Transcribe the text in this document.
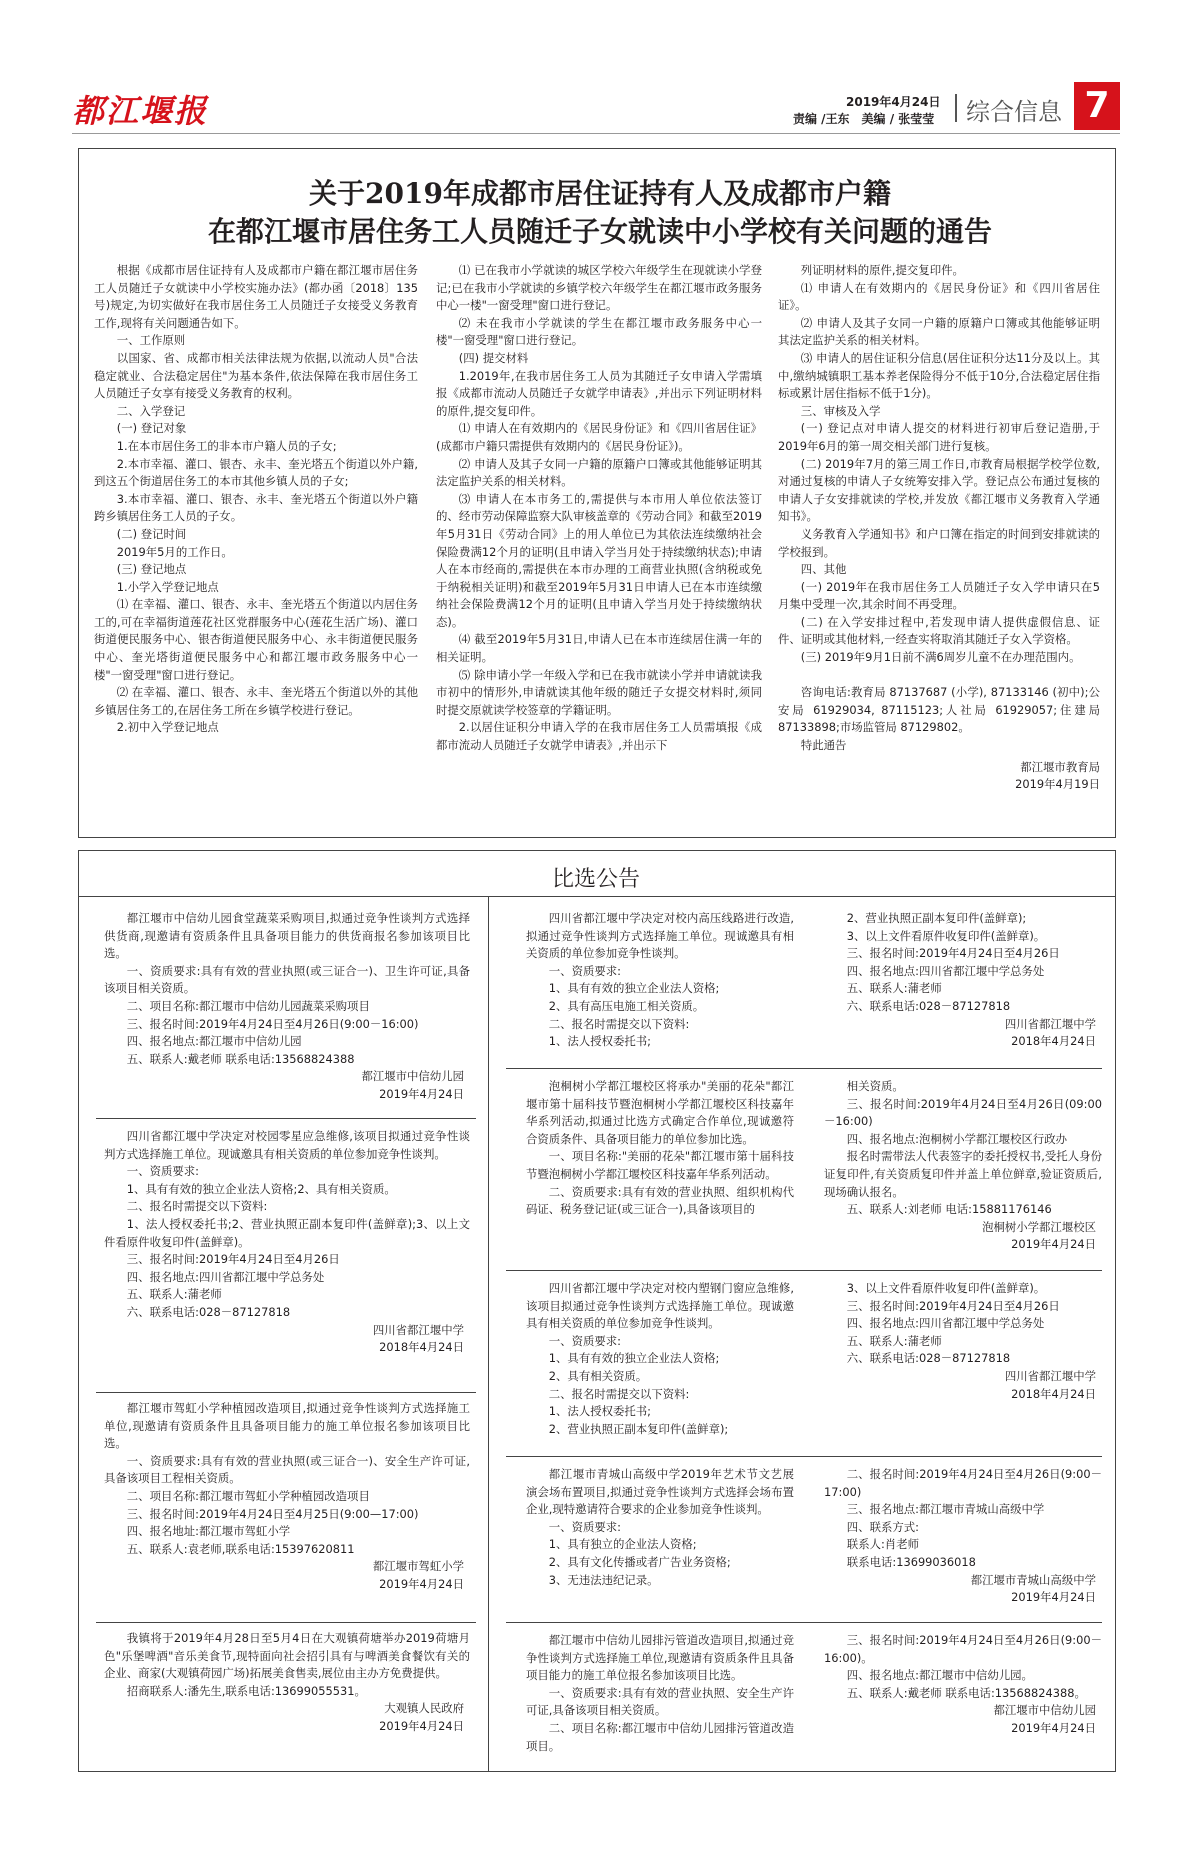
都江堰报	2019年4月24日
责编 /王东　美编 / 张莹莹 综合信息 7
关于2019年成都市居住证持有人及成都市户籍
在都江堰市居住务工人员随迁子女就读中小学校有关问题的通告

根据《成都市居住证持有人及成都市户籍在都江堰市居住务工人员随迁子女就读中小学校实施办法》(都办函〔2018〕135号)规定,为切实做好在我市居住务工人员随迁子女接受义务教育工作,现将有关问题通告如下。

一、工作原则

以国家、省、成都市相关法律法规为依据,以流动人员"合法稳定就业、合法稳定居住"为基本条件,依法保障在我市居住务工人员随迁子女享有接受义务教育的权利。

二、入学登记

(一) 登记对象

1.在本市居住务工的非本市户籍人员的子女;

2.本市幸福、灌口、银杏、永丰、奎光塔五个街道以外户籍,到这五个街道居住务工的本市其他乡镇人员的子女;

3.本市幸福、灌口、银杏、永丰、奎光塔五个街道以外户籍跨乡镇居住务工人员的子女。

(二) 登记时间

2019年5月的工作日。

(三) 登记地点

1.小学入学登记地点

⑴ 在幸福、灌口、银杏、永丰、奎光塔五个街道以内居住务工的,可在幸福街道莲花社区党群服务中心(莲花生活广场)、灌口街道便民服务中心、银杏街道便民服务中心、永丰街道便民服务中心、奎光塔街道便民服务中心和都江堰市政务服务中心一楼"一窗受理"窗口进行登记。

⑵ 在幸福、灌口、银杏、永丰、奎光塔五个街道以外的其他乡镇居住务工的,在居住务工所在乡镇学校进行登记。

2.初中入学登记地点

⑴ 已在我市小学就读的城区学校六年级学生在现就读小学登记;已在我市小学就读的乡镇学校六年级学生在都江堰市政务服务中心一楼"一窗受理"窗口进行登记。

⑵ 未在我市小学就读的学生在都江堰市政务服务中心一楼"一窗受理"窗口进行登记。

(四) 提交材料

1.2019年,在我市居住务工人员为其随迁子女申请入学需填报《成都市流动人员随迁子女就学申请表》,并出示下列证明材料的原件,提交复印件。

⑴ 申请人在有效期内的《居民身份证》和《四川省居住证》(成都市户籍只需提供有效期内的《居民身份证》)。

⑵ 申请人及其子女同一户籍的原籍户口簿或其他能够证明其法定监护关系的相关材料。

⑶ 申请人在本市务工的,需提供与本市用人单位依法签订的、经市劳动保障监察大队审核盖章的《劳动合同》和截至2019年5月31日《劳动合同》上的用人单位已为其依法连续缴纳社会保险费满12个月的证明(且申请入学当月处于持续缴纳状态);申请人在本市经商的,需提供在本市办理的工商营业执照(含纳税或免于纳税相关证明)和截至2019年5月31日申请人已在本市连续缴纳社会保险费满12个月的证明(且申请入学当月处于持续缴纳状态)。

⑷ 截至2019年5月31日,申请人已在本市连续居住满一年的相关证明。

⑸ 除申请小学一年级入学和已在我市就读小学并申请就读我市初中的情形外,申请就读其他年级的随迁子女提交材料时,须同时提交原就读学校签章的学籍证明。

2.以居住证积分申请入学的在我市居住务工人员需填报《成都市流动人员随迁子女就学申请表》,并出示下

列证明材料的原件,提交复印件。

⑴ 申请人在有效期内的《居民身份证》和《四川省居住证》。

⑵ 申请人及其子女同一户籍的原籍户口簿或其他能够证明其法定监护关系的相关材料。

⑶ 申请人的居住证积分信息(居住证积分达11分及以上。其中,缴纳城镇职工基本养老保险得分不低于10分,合法稳定居住指标或累计居住指标不低于1分)。

三、审核及入学

(一) 登记点对申请人提交的材料进行初审后登记造册,于2019年6月的第一周交相关部门进行复核。

(二) 2019年7月的第三周工作日,市教育局根据学校学位数,对通过复核的申请人子女统筹安排入学。登记点公布通过复核的申请人子女安排就读的学校,并发放《都江堰市义务教育入学通知书》。

义务教育入学通知书》和户口簿在指定的时间到安排就读的学校报到。

四、其他

(一) 2019年在我市居住务工人员随迁子女入学申请只在5月集中受理一次,其余时间不再受理。

(二) 在入学安排过程中,若发现申请人提供虚假信息、证件、证明或其他材料,一经查实将取消其随迁子女入学资格。

(三) 2019年9月1日前不满6周岁儿童不在办理范围内。

咨询电话:教育局 87137687 (小学), 87133146 (初中);公安局 61929034, 87115123;人社局 61929057;住建局 87133898;市场监管局 87129802。

特此通告

都江堰市教育局

2019年4月19日

比选公告

都江堰市中信幼儿园食堂蔬菜采购项目,拟通过竞争性谈判方式选择供货商,现邀请有资质条件且具备项目能力的供货商报名参加该项目比选。

一、资质要求:具有有效的营业执照(或三证合一)、卫生许可证,具备该项目相关资质。

二、项目名称:都江堰市中信幼儿园蔬菜采购项目

三、报名时间:2019年4月24日至4月26日(9:00－16:00)

四、报名地点:都江堰市中信幼儿园

五、联系人:戴老师 联系电话:13568824388

都江堰市中信幼儿园
2019年4月24日

四川省都江堰中学决定对校园零星应急维修,该项目拟通过竞争性谈判方式选择施工单位。现诚邀具有相关资质的单位参加竞争性谈判。

一、资质要求:

1、具有有效的独立企业法人资格;2、具有相关资质。

二、报名时需提交以下资料:

1、法人授权委托书;2、营业执照正副本复印件(盖鲜章);3、以上文件看原件收复印件(盖鲜章)。

三、报名时间:2019年4月24日至4月26日

四、报名地点:四川省都江堰中学总务处

五、联系人:蒲老师

六、联系电话:028－87127818

四川省都江堰中学
2018年4月24日

都江堰市驾虹小学种植园改造项目,拟通过竞争性谈判方式选择施工单位,现邀请有资质条件且具备项目能力的施工单位报名参加该项目比选。

一、资质要求:具有有效的营业执照(或三证合一)、安全生产许可证,具备该项目工程相关资质。

二、项目名称:都江堰市驾虹小学种植园改造项目

三、报名时间:2019年4月24日至4月25日(9:00—17:00)

四、报名地址:都江堰市驾虹小学

五、联系人:袁老师,联系电话:15397620811

都江堰市驾虹小学
2019年4月24日

我镇将于2019年4月28日至5月4日在大观镇荷塘举办2019荷塘月色"乐堡啤酒"音乐美食节,现特面向社会招引具有与啤酒美食餐饮有关的企业、商家(大观镇荷园广场)拓展美食售卖,展位由主办方免费提供。

招商联系人:潘先生,联系电话:13699055531。

大观镇人民政府
2019年4月24日

四川省都江堰中学决定对校内高压线路进行改造,拟通过竞争性谈判方式选择施工单位。现诚邀具有相关资质的单位参加竞争性谈判。

一、资质要求:

1、具有有效的独立企业法人资格;

2、具有高压电施工相关资质。

二、报名时需提交以下资料:

1、法人授权委托书;

2、营业执照正副本复印件(盖鲜章);

3、以上文件看原件收复印件(盖鲜章)。

三、报名时间:2019年4月24日至4月26日

四、报名地点:四川省都江堰中学总务处

五、联系人:蒲老师

六、联系电话:028－87127818

四川省都江堰中学
2018年4月24日

泡桐树小学都江堰校区将承办"美丽的花朵"都江堰市第十届科技节暨泡桐树小学都江堰校区科技嘉年华系列活动,拟通过比选方式确定合作单位,现诚邀符合资质条件、具备项目能力的单位参加比选。

一、项目名称:"美丽的花朵"都江堰市第十届科技节暨泡桐树小学都江堰校区科技嘉年华系列活动。

二、资质要求:具有有效的营业执照、组织机构代码证、税务登记证(或三证合一),具备该项目的

相关资质。

三、报名时间:2019年4月24日至4月26日(09:00－16:00)

四、报名地点:泡桐树小学都江堰校区行政办

报名时需带法人代表签字的委托授权书,受托人身份证复印件,有关资质复印件并盖上单位鲜章,验证资质后,现场确认报名。

五、联系人:刘老师 电话:15881176146

泡桐树小学都江堰校区
2019年4月24日

四川省都江堰中学决定对校内塑钢门窗应急维修,该项目拟通过竞争性谈判方式选择施工单位。现诚邀具有相关资质的单位参加竞争性谈判。

一、资质要求:

1、具有有效的独立企业法人资格;

2、具有相关资质。

二、报名时需提交以下资料:

1、法人授权委托书;

2、营业执照正副本复印件(盖鲜章);

3、以上文件看原件收复印件(盖鲜章)。

三、报名时间:2019年4月24日至4月26日

四、报名地点:四川省都江堰中学总务处

五、联系人:蒲老师

六、联系电话:028－87127818

四川省都江堰中学
2018年4月24日

都江堰市青城山高级中学2019年艺术节文艺展演会场布置项目,拟通过竞争性谈判方式选择会场布置企业,现特邀请符合要求的企业参加竞争性谈判。

一、资质要求:

1、具有独立的企业法人资格;

2、具有文化传播或者广告业务资格;

3、无违法违纪记录。

二、报名时间:2019年4月24日至4月26日(9:00－17:00)

三、报名地点:都江堰市青城山高级中学

四、联系方式:

联系人:肖老师

联系电话:13699036018

都江堰市青城山高级中学
2019年4月24日

都江堰市中信幼儿园排污管道改造项目,拟通过竞争性谈判方式选择施工单位,现邀请有资质条件且具备项目能力的施工单位报名参加该项目比选。

一、资质要求:具有有效的营业执照、安全生产许可证,具备该项目相关资质。

二、项目名称:都江堰市中信幼儿园排污管道改造项目。

三、报名时间:2019年4月24日至4月26日(9:00－16:00)。

四、报名地点:都江堰市中信幼儿园。

五、联系人:戴老师 联系电话:13568824388。

都江堰市中信幼儿园
2019年4月24日
